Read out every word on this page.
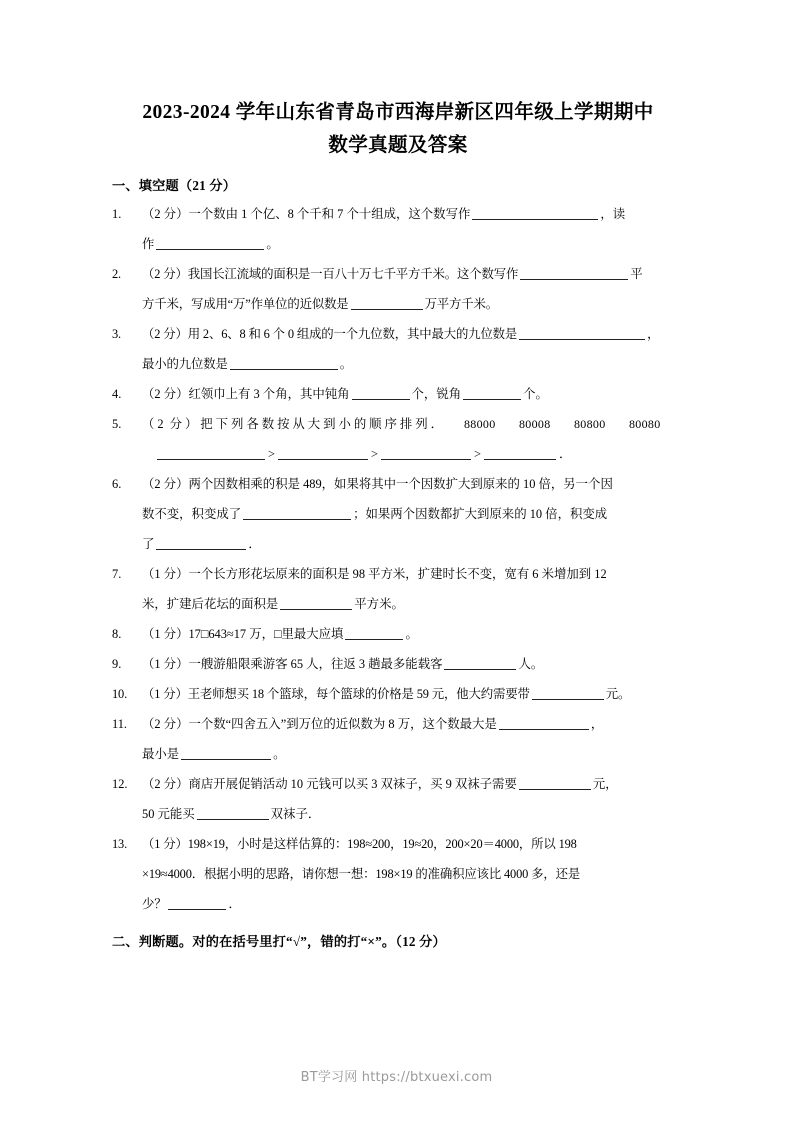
2023-2024 学年山东省青岛市西海岸新区四年级上学期期中
数学真题及答案
一、填空题（21 分）
1.	（2 分）一个数由 1 个亿、8 个千和 7 个十组成，这个数写作	，读
作	。
2.	（2 分）我国长江流域的面积是一百八十万七千平方千米。这个数写作	平
方千米，写成用“万”作单位的近似数是	万平方千米。
3.	（2 分）用 2、6、8 和 6 个 0 组成的一个九位数，其中最大的九位数是	，
最小的九位数是	。
4.	（2 分）红领巾上有 3 个角，其中钝角	个，锐角	个。
5.	（2 分）把下列各数按从大到小的顺序排列． 88000 80008 80800 80080 >	>	>	．
6.	（2 分）两个因数相乘的积是 489，如果将其中一个因数扩大到原来的 10 倍，另一个因
数不变，积变成了	；如果两个因数都扩大到原来的 10 倍，积变成
了	．
7.	（1 分）一个长方形花坛原来的面积是 98 平方米，扩建时长不变，宽有 6 米增加到 12
米，扩建后花坛的面积是	平方米。
8.	（1 分）17□643≈17 万，□里最大应填	。
9.	（1 分）一艘游船限乘游客 65 人，往返 3 趟最多能载客	人。
10.	（1 分）王老师想买 18 个篮球，每个篮球的价格是 59 元，他大约需要带	元。
11.	（2 分）一个数“四舍五入”到万位的近似数为 8 万，这个数最大是	，
最小是	。
12.	（2 分）商店开展促销活动 10 元钱可以买 3 双袜子，买 9 双袜子需要	元，
50 元能买	双袜子．
13.	（1 分）198×19，小时是这样估算的：198≈200，19≈20，200×20＝4000，所以 198
×19≈4000．根据小明的思路，请你想一想：198×19 的准确积应该比 4000 多，还是
少？	．
二、判断题。对的在括号里打“√”，错的打“×”。（12 分）
BT学习网 https://btxuexi.com
